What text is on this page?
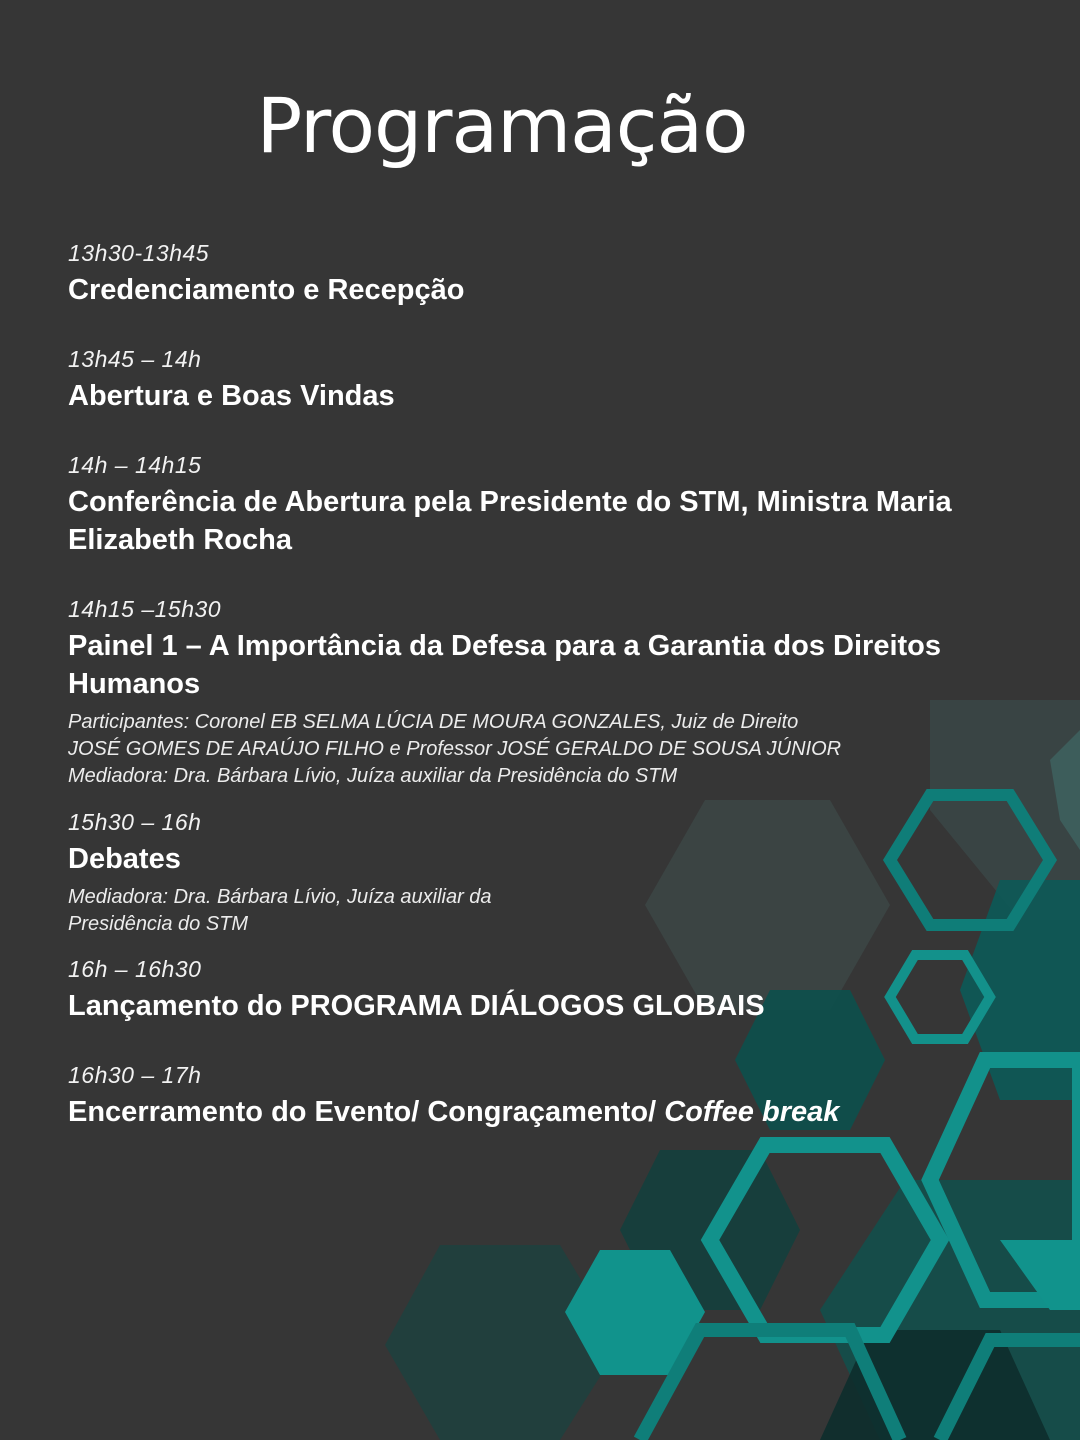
Programação
13h30-13h45
Credenciamento e Recepção
13h45 – 14h
Abertura e Boas Vindas
14h – 14h15
Conferência de Abertura pela Presidente do STM, Ministra Maria Elizabeth Rocha
14h15 –15h30
Painel 1 – A Importância da Defesa para a Garantia dos Direitos Humanos
Participantes: Coronel EB SELMA LÚCIA DE MOURA GONZALES, Juiz de Direito
JOSÉ GOMES DE ARAÚJO FILHO e Professor JOSÉ GERALDO DE SOUSA JÚNIOR
Mediadora: Dra. Bárbara Lívio, Juíza auxiliar da Presidência do STM
15h30 – 16h
Debates
Mediadora: Dra. Bárbara Lívio, Juíza auxiliar da
Presidência do STM
16h – 16h30
Lançamento do PROGRAMA DIÁLOGOS GLOBAIS
16h30 – 17h
Encerramento do Evento/ Congraçamento/ Coffee break
